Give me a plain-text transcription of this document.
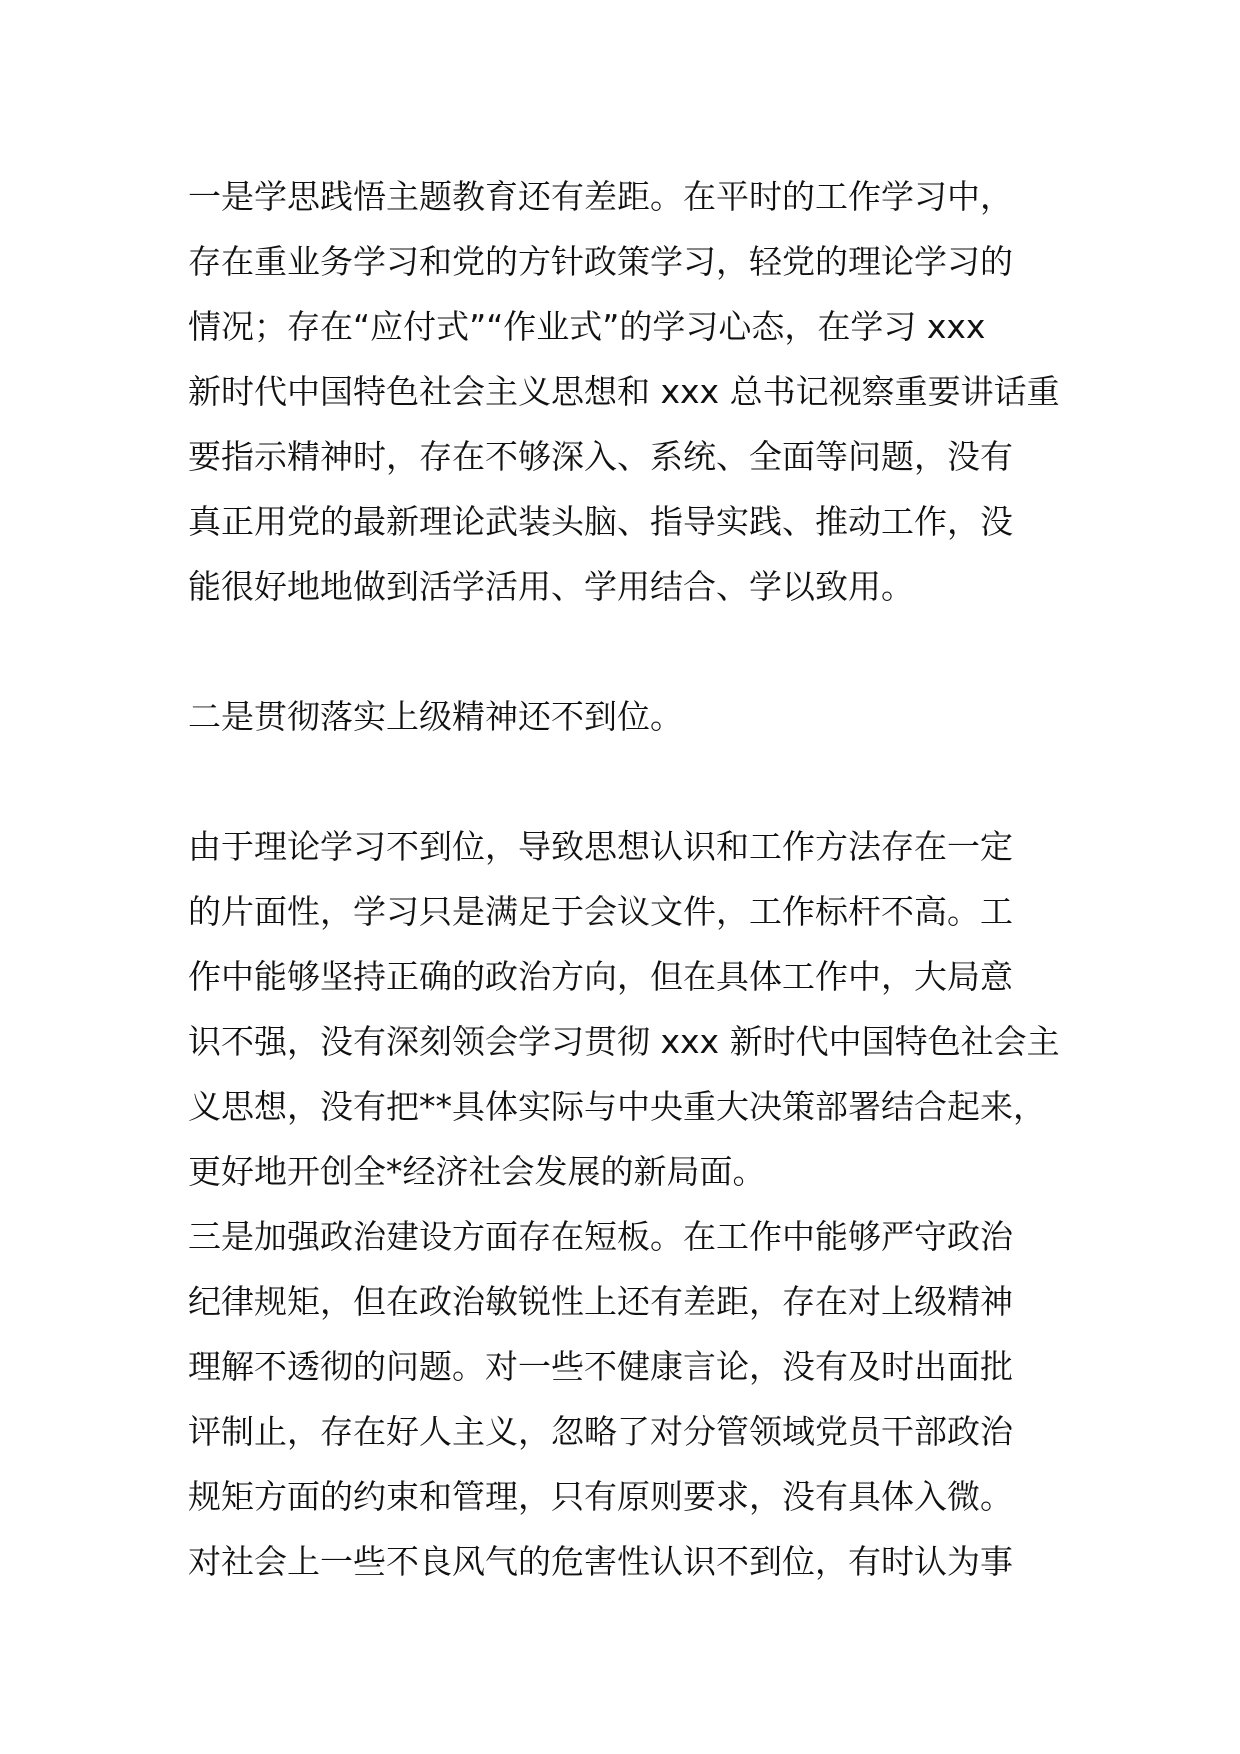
一是学思践悟主题教育还有差距。在平时的工作学习中，
存在重业务学习和党的方针政策学习，轻党的理论学习的
情况；存在“应付式”“作业式”的学习心态，在学习 xxx
新时代中国特色社会主义思想和 xxx 总书记视察重要讲话重
要指示精神时，存在不够深入、系统、全面等问题，没有
真正用党的最新理论武装头脑、指导实践、推动工作，没
能很好地地做到活学活用、学用结合、学以致用。

二是贯彻落实上级精神还不到位。

由于理论学习不到位，导致思想认识和工作方法存在一定
的片面性，学习只是满足于会议文件，工作标杆不高。工
作中能够坚持正确的政治方向，但在具体工作中，大局意
识不强，没有深刻领会学习贯彻 xxx 新时代中国特色社会主
义思想，没有把**具体实际与中央重大决策部署结合起来，
更好地开创全*经济社会发展的新局面。

三是加强政治建设方面存在短板。在工作中能够严守政治
纪律规矩，但在政治敏锐性上还有差距，存在对上级精神
理解不透彻的问题。对一些不健康言论，没有及时出面批
评制止，存在好人主义，忽略了对分管领域党员干部政治
规矩方面的约束和管理，只有原则要求，没有具体入微。
对社会上一些不良风气的危害性认识不到位，有时认为事
